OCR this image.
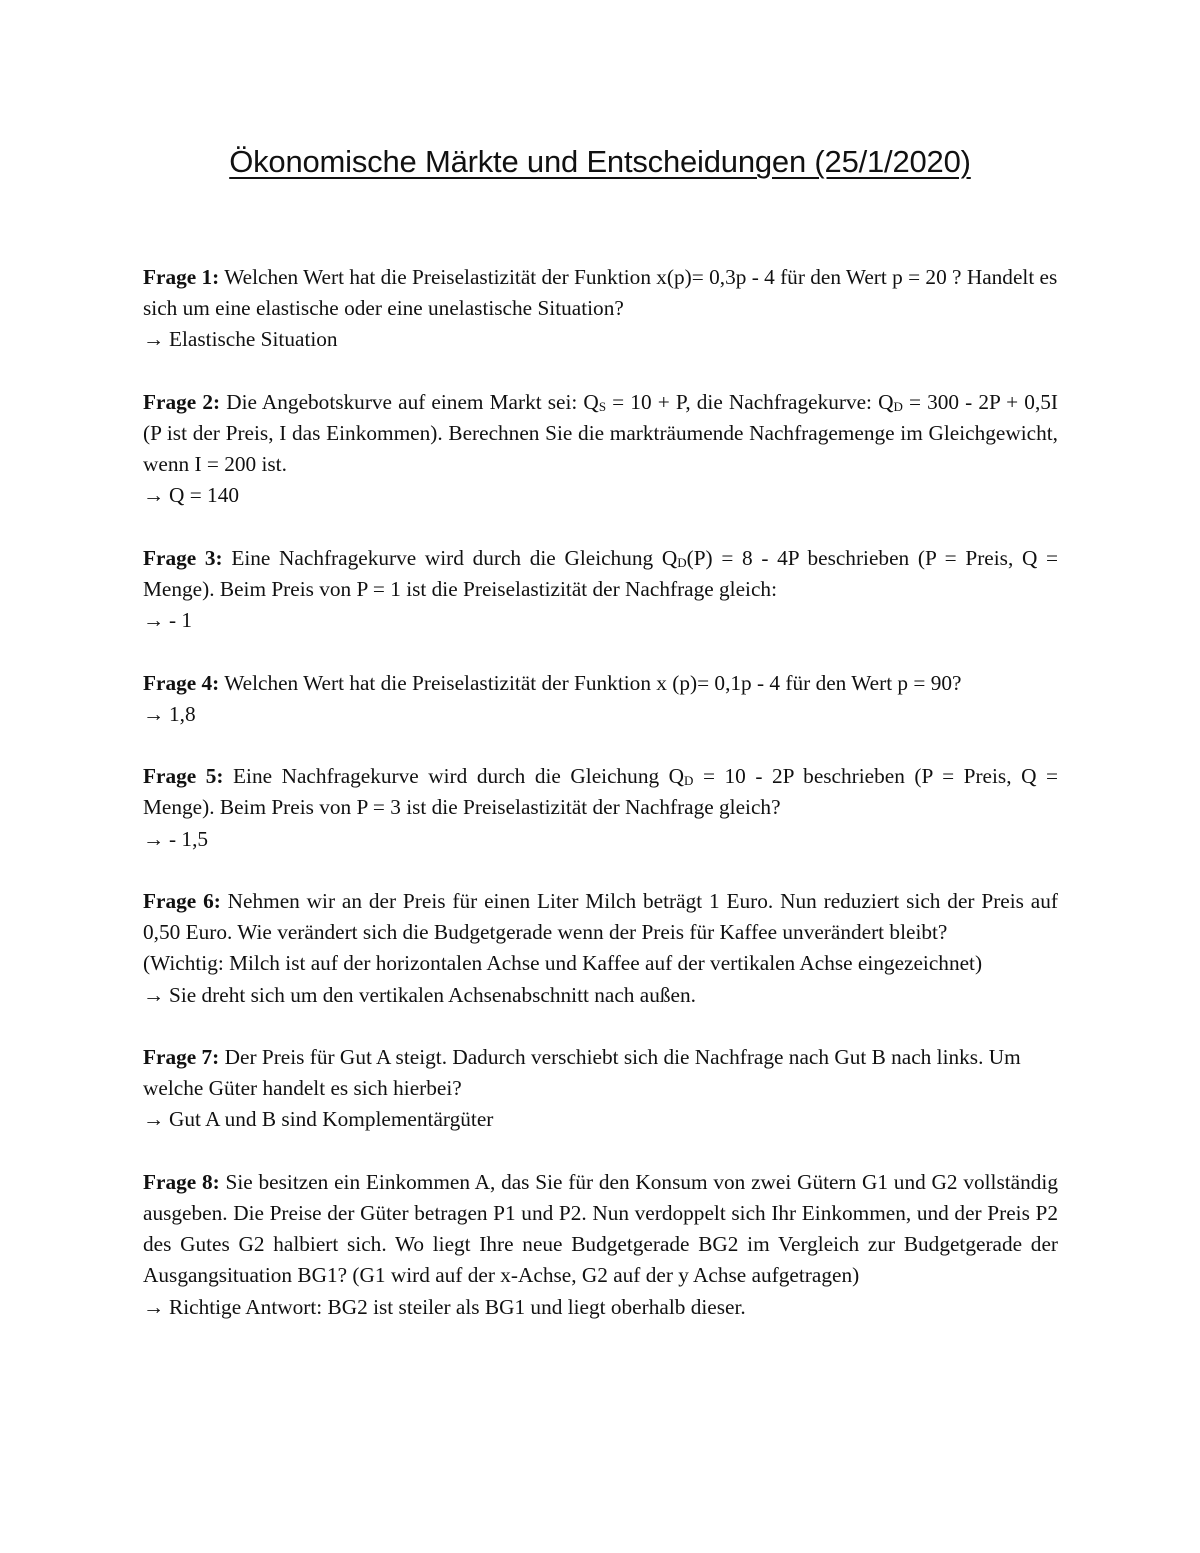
Ökonomische Märkte und Entscheidungen (25/1/2020)

Frage 1: Welchen Wert hat die Preiselastizität der Funktion x(p)= 0,3p - 4 für den Wert p = 20 ? Handelt es sich um eine elastische oder eine unelastische Situation?

→ Elastische Situation

Frage 2: Die Angebotskurve auf einem Markt sei: $Q_S = 10 + P$, die Nachfragekurve: $Q_D = 300 - 2P + 0,5I$ (P ist der Preis, I das Einkommen). Berechnen Sie die markträumende Nachfragemenge im Gleichgewicht, wenn I = 200 ist.

→ Q = 140

Frage 3: Eine Nachfragekurve wird durch die Gleichung $Q_D(P) = 8 - 4P$ beschrieben (P = Preis, Q = Menge). Beim Preis von P = 1 ist die Preiselastizität der Nachfrage gleich:

→ - 1

Frage 4: Welchen Wert hat die Preiselastizität der Funktion x (p)= 0,1p - 4 für den Wert p = 90?

→ 1,8

Frage 5: Eine Nachfragekurve wird durch die Gleichung $Q_D = 10 - 2P$ beschrieben (P = Preis, Q = Menge). Beim Preis von P = 3 ist die Preiselastizität der Nachfrage gleich?

→ - 1,5

Frage 6: Nehmen wir an der Preis für einen Liter Milch beträgt 1 Euro. Nun reduziert sich der Preis auf 0,50 Euro. Wie verändert sich die Budgetgerade wenn der Preis für Kaffee unverändert bleibt?

(Wichtig: Milch ist auf der horizontalen Achse und Kaffee auf der vertikalen Achse eingezeichnet)

→ Sie dreht sich um den vertikalen Achsenabschnitt nach außen.

Frage 7: Der Preis für Gut A steigt. Dadurch verschiebt sich die Nachfrage nach Gut B nach links. Um welche Güter handelt es sich hierbei?

→ Gut A und B sind Komplementärgüter

Frage 8: Sie besitzen ein Einkommen A, das Sie für den Konsum von zwei Gütern G1 und G2 vollständig ausgeben. Die Preise der Güter betragen P1 und P2. Nun verdoppelt sich Ihr Einkommen, und der Preis P2 des Gutes G2 halbiert sich. Wo liegt Ihre neue Budgetgerade BG2 im Vergleich zur Budgetgerade der Ausgangsituation BG1? (G1 wird auf der x-Achse, G2 auf der y Achse aufgetragen)

→ Richtige Antwort: BG2 ist steiler als BG1 und liegt oberhalb dieser.
